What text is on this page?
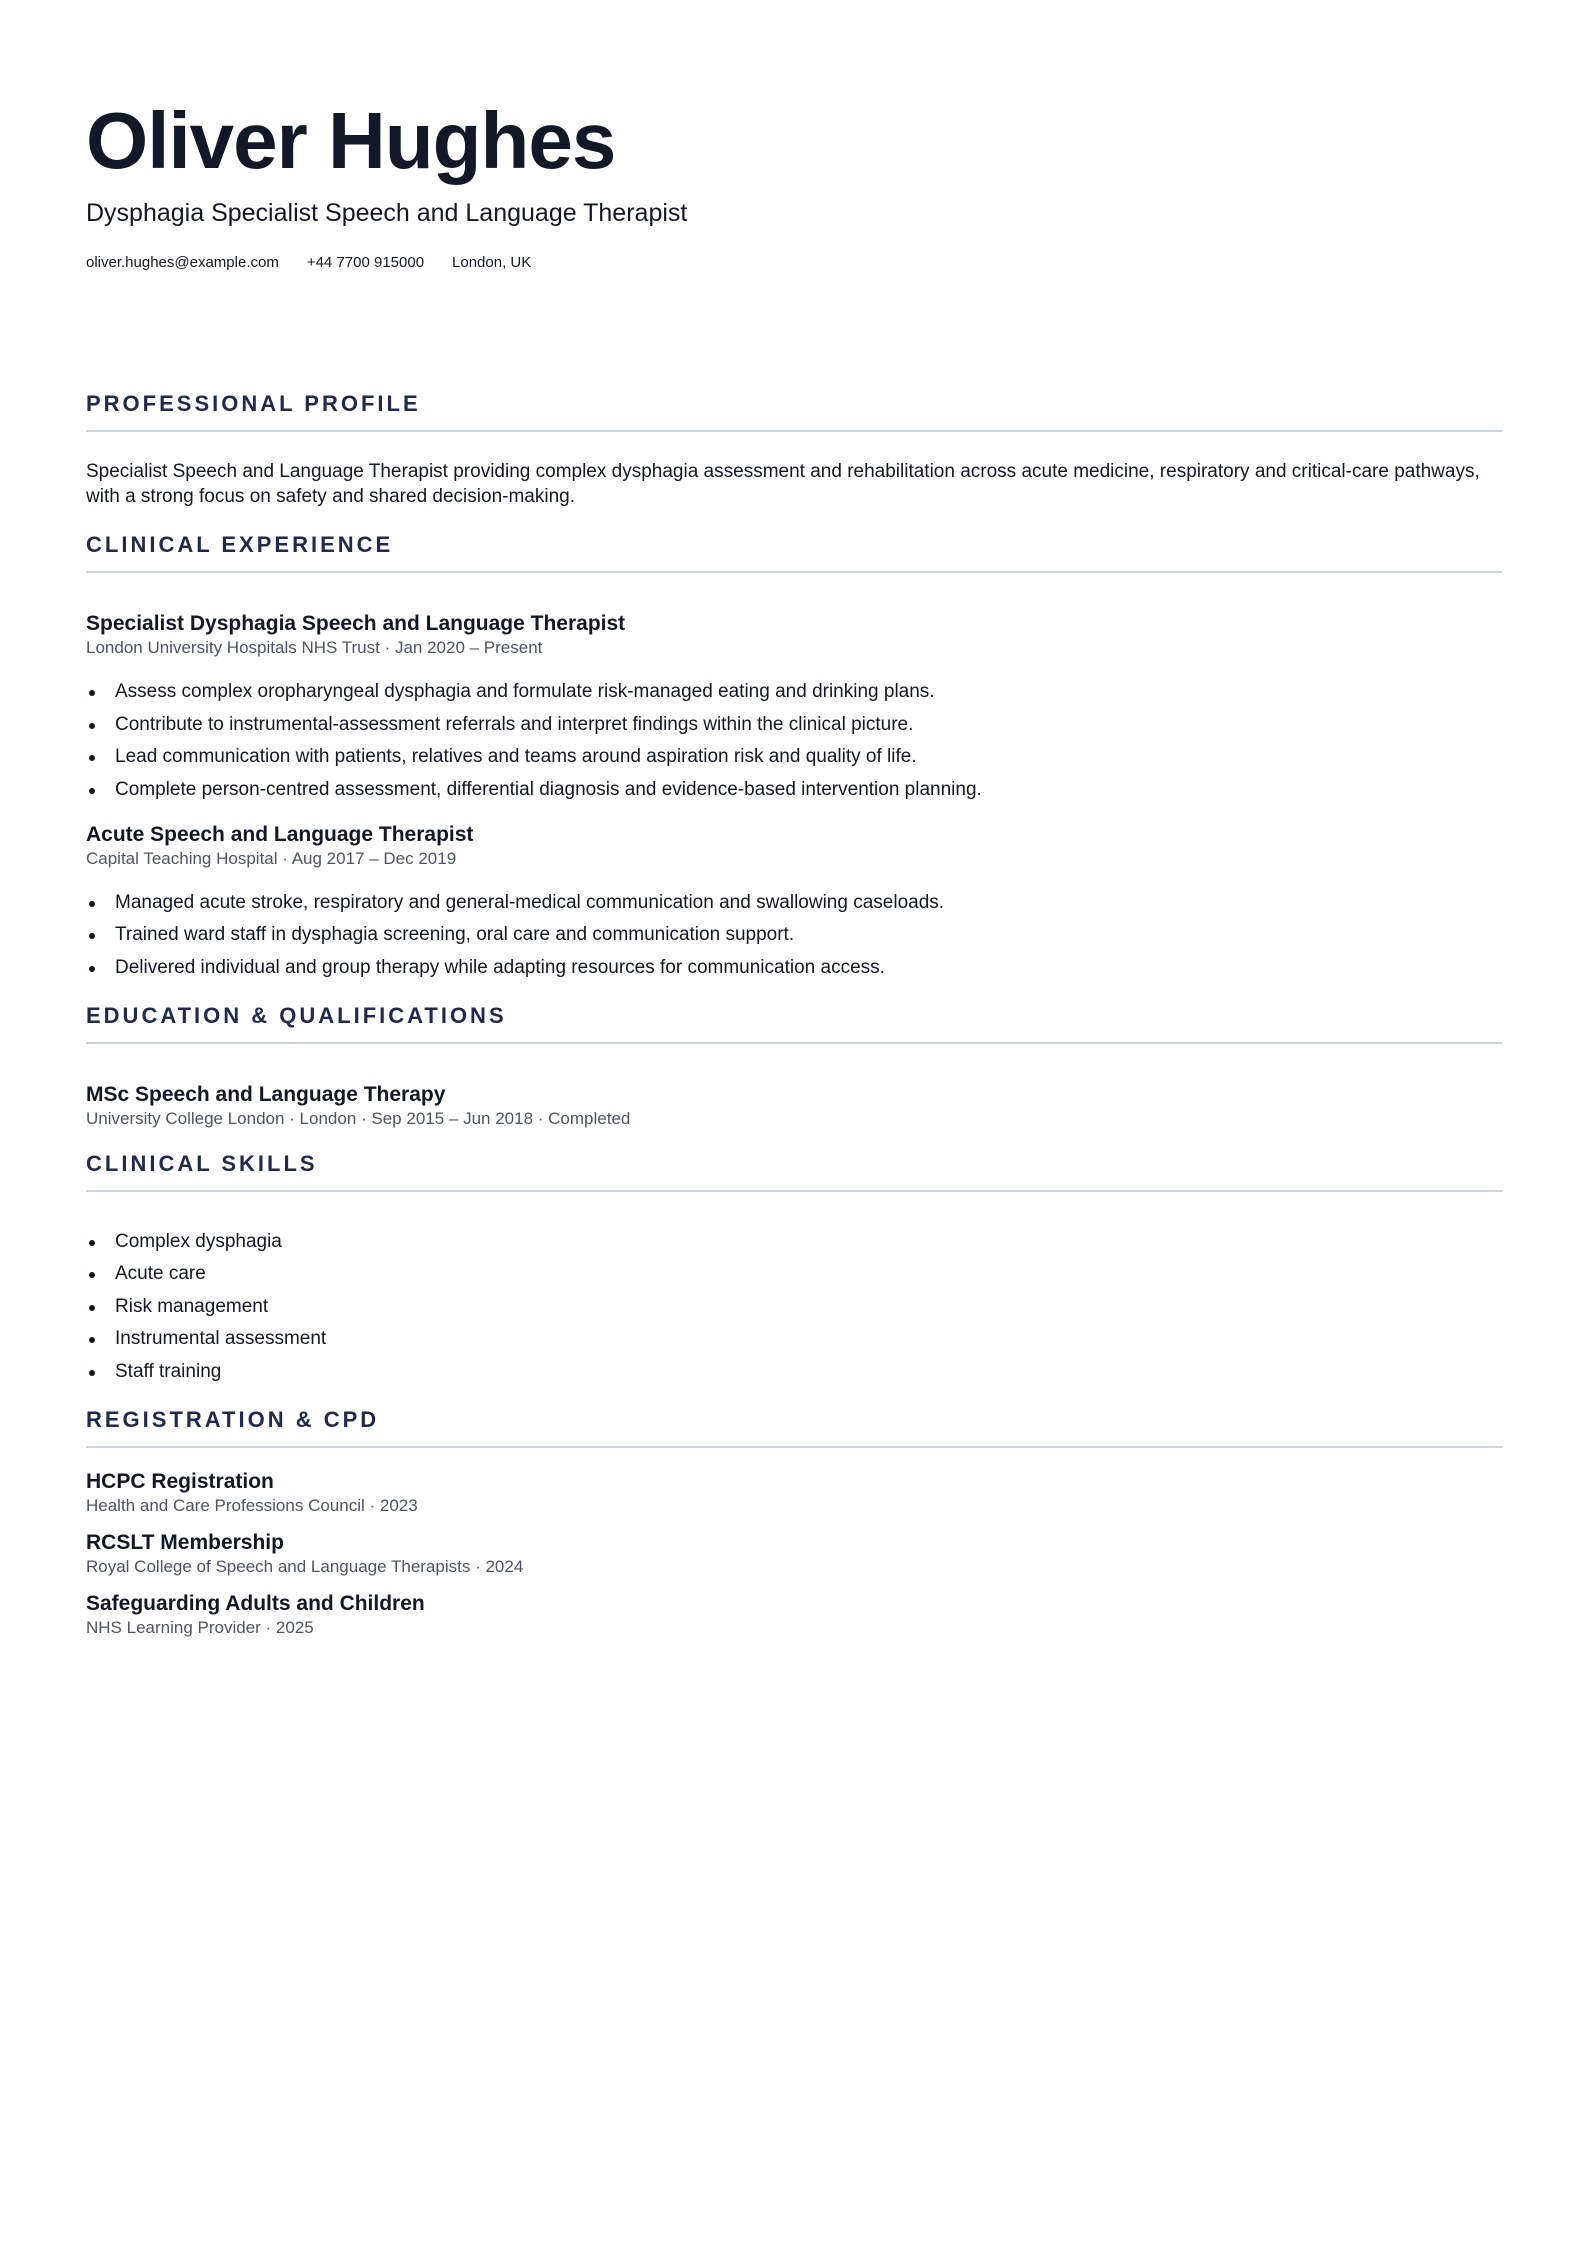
Oliver Hughes
Dysphagia Specialist Speech and Language Therapist
oliver.hughes@example.com +44 7700 915000 London, UK
PROFESSIONAL PROFILE

Specialist Speech and Language Therapist providing complex dysphagia assessment and rehabilitation across acute medicine, respiratory and critical-care pathways, with a strong focus on safety and shared decision-making.

CLINICAL EXPERIENCE
Specialist Dysphagia Speech and Language Therapist
London University Hospitals NHS Trust · Jan 2020 – Present
Assess complex oropharyngeal dysphagia and formulate risk-managed eating and drinking plans.
Contribute to instrumental-assessment referrals and interpret findings within the clinical picture.
Lead communication with patients, relatives and teams around aspiration risk and quality of life.
Complete person-centred assessment, differential diagnosis and evidence-based intervention planning.
Acute Speech and Language Therapist
Capital Teaching Hospital · Aug 2017 – Dec 2019
Managed acute stroke, respiratory and general-medical communication and swallowing caseloads.
Trained ward staff in dysphagia screening, oral care and communication support.
Delivered individual and group therapy while adapting resources for communication access.
EDUCATION & QUALIFICATIONS
MSc Speech and Language Therapy
University College London · London · Sep 2015 – Jun 2018 · Completed
CLINICAL SKILLS
Complex dysphagia
Acute care
Risk management
Instrumental assessment
Staff training
REGISTRATION & CPD
HCPC Registration
Health and Care Professions Council · 2023
RCSLT Membership
Royal College of Speech and Language Therapists · 2024
Safeguarding Adults and Children
NHS Learning Provider · 2025
